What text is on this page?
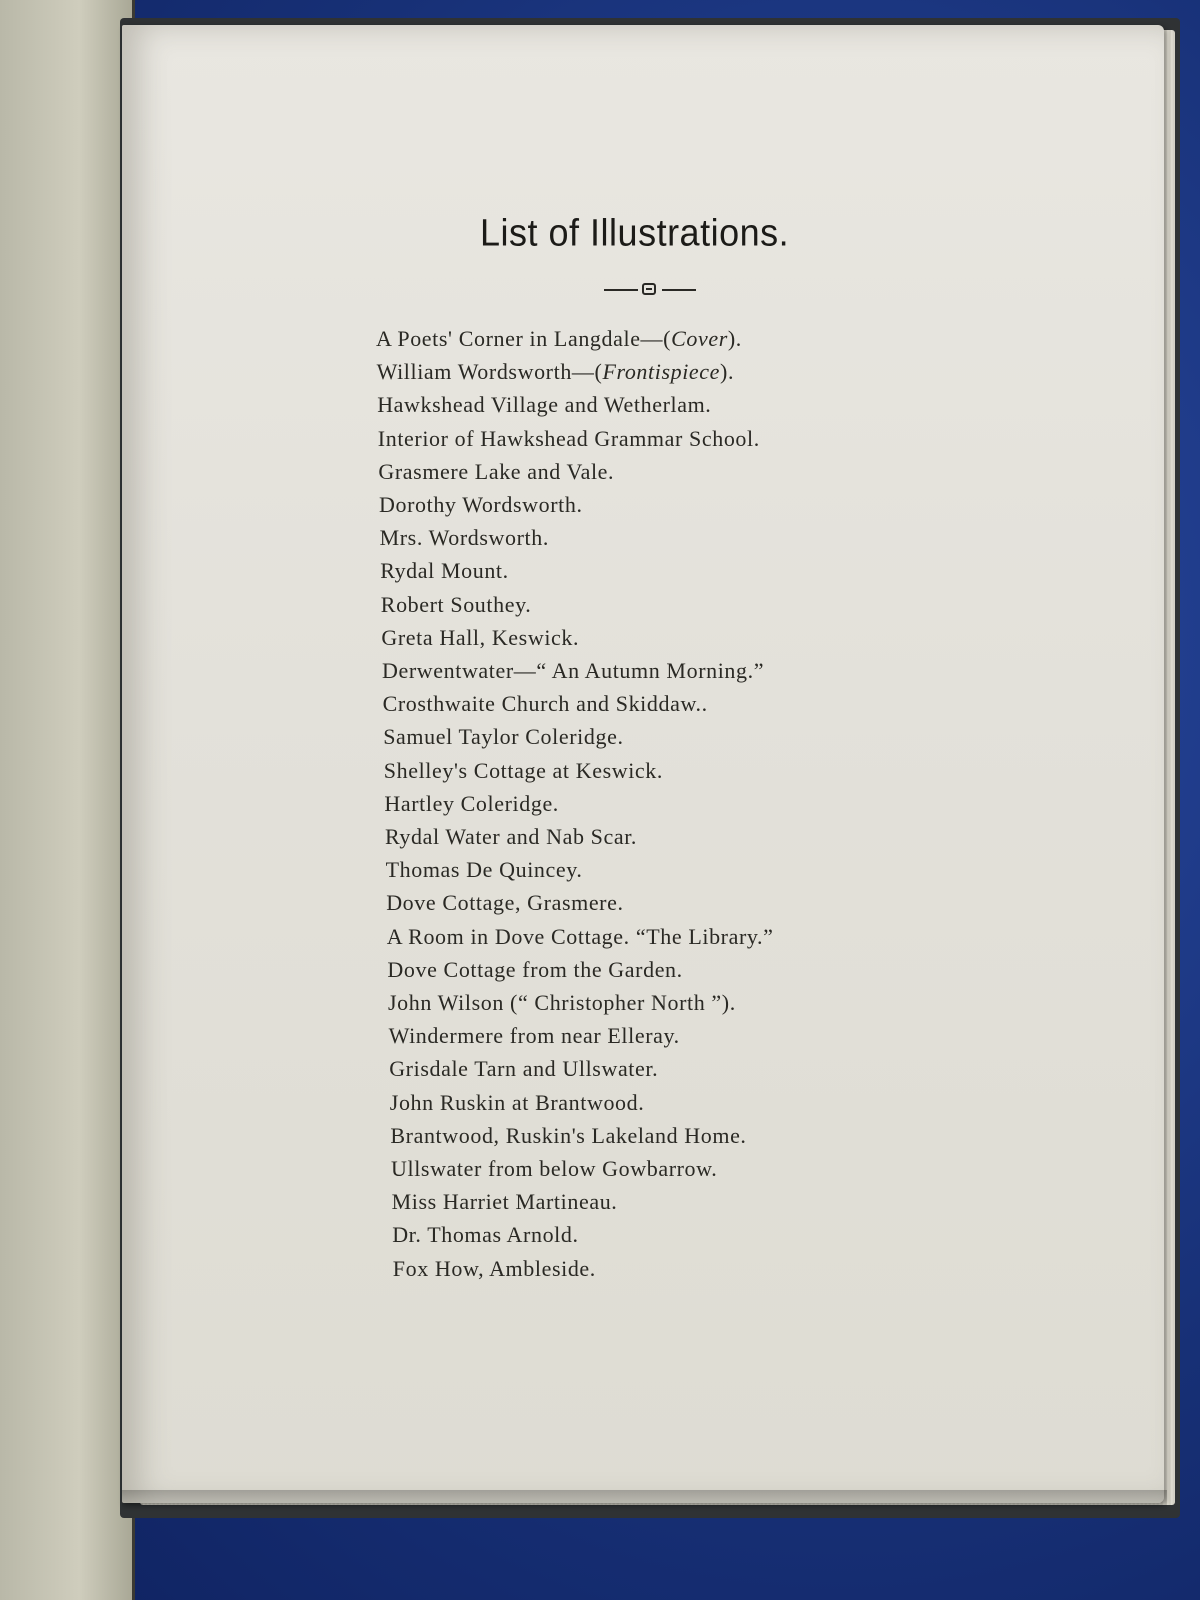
List of Illustrations.
A Poets' Corner in Langdale—(Cover).
William Wordsworth—(Frontispiece).
Hawkshead Village and Wetherlam.
Interior of Hawkshead Grammar School.
Grasmere Lake and Vale.
Dorothy Wordsworth.
Mrs. Wordsworth.
Rydal Mount.
Robert Southey.
Greta Hall, Keswick.
Derwentwater—“ An Autumn Morning.”
Crosthwaite Church and Skiddaw..
Samuel Taylor Coleridge.
Shelley's Cottage at Keswick.
Hartley Coleridge.
Rydal Water and Nab Scar.
Thomas De Quincey.
Dove Cottage, Grasmere.
A Room in Dove Cottage. “The Library.”
Dove Cottage from the Garden.
John Wilson (“ Christopher North ”).
Windermere from near Elleray.
Grisdale Tarn and Ullswater.
John Ruskin at Brantwood.
Brantwood, Ruskin's Lakeland Home.
Ullswater from below Gowbarrow.
Miss Harriet Martineau.
Dr. Thomas Arnold.
Fox How, Ambleside.
